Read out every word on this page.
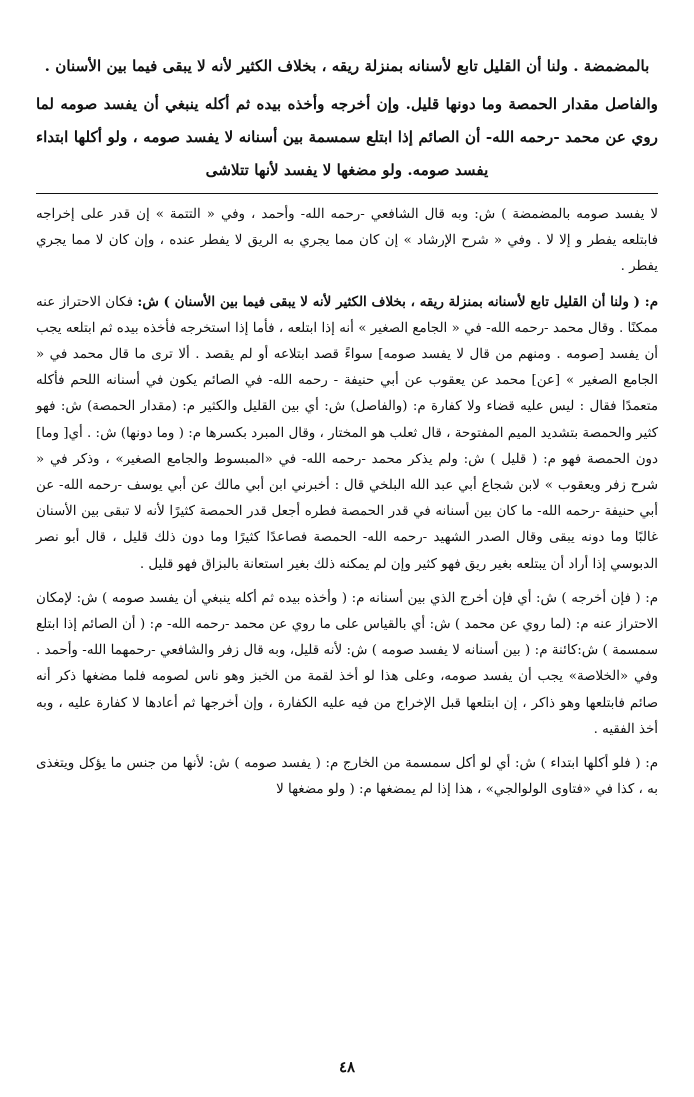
بالمضمضة . ولنا أن القليل تابع لأسنانه بمنزلة ريقه ، بخلاف الكثير لأنه لا يبقى فيما بين الأسنان .

والفاصل مقدار الحمصة وما دونها قليل. وإن أخرجه وأخذه بيده ثم أكله ينبغي أن يفسد صومه لما روي عن محمد -رحمه الله- أن الصائم إذا ابتلع سمسمة بين أسنانه لا يفسد صومه ، ولو أكلها ابتداء يفسد صومه. ولو مضغها لا يفسد لأنها تتلاشى

لا يفسد صومه بالمضمضة ) ش: وبه قال الشافعي -رحمه الله- وأحمد ، وفي « التتمة » إن قدر على إخراجه فابتلعه يفطر و إلا لا . وفي « شرح الإرشاد » إن كان مما يجري به الريق لا يفطر عنده ، وإن كان لا مما يجري يفطر .

م: ( ولنا أن القليل تابع لأسنانه بمنزلة ريقه ، بخلاف الكثير لأنه لا يبقى فيما بين الأسنان ) ش: فكان الاحتراز عنه ممكنًا . وقال محمد -رحمه الله- في « الجامع الصغير » أنه إذا ابتلعه ، فأما إذا استخرجه فأخذه بيده ثم ابتلعه يجب أن يفسد [صومه . ومنهم من قال لا يفسد صومه] سواءً قصد ابتلاعه أو لم يقصد . ألا ترى ما قال محمد في « الجامع الصغير » [عن] محمد عن يعقوب عن أبي حنيفة - رحمه الله- في الصائم يكون في أسنانه اللحم فأكله متعمدًا فقال : ليس عليه قضاء ولا كفارة م: (والفاصل) ش: أي بين القليل والكثير م: (مقدار الحمصة) ش: فهو كثير والحمصة بتشديد الميم المفتوحة ، قال ثعلب هو المختار ، وقال المبرد بكسرها م: ( وما دونها) ش: . أي[ وما] دون الحمصة فهو م: ( قليل ) ش: ولم يذكر محمد -رحمه الله- في «المبسوط والجامع الصغير» ، وذكر في « شرح زفر ويعقوب » لابن شجاع أبي عبد الله البلخي قال : أخبرني ابن أبي مالك عن أبي يوسف -رحمه الله- عن أبي حنيفة -رحمه الله- ما كان بين أسنانه في قدر الحمصة فطره أجعل قدر الحمصة كثيرًا لأنه لا تبقى بين الأسنان غالبًا وما دونه يبقى وقال الصدر الشهيد -رحمه الله- الحمصة فصاعدًا كثيرًا وما دون ذلك قليل ، قال أبو نصر الدبوسي إذا أراد أن يبتلعه بغير ريق فهو كثير وإن لم يمكنه ذلك بغير استعانة بالبزاق فهو قليل .

م: ( فإن أخرجه ) ش: أي فإن أخرج الذي بين أسنانه م: ( وأخذه بيده ثم أكله ينبغي أن يفسد صومه ) ش: لإمكان الاحتراز عنه م: (لما روي عن محمد ) ش: أي بالقياس على ما روي عن محمد -رحمه الله- م: ( أن الصائم إذا ابتلع سمسمة ) ش:كائنة م: ( بين أسنانه لا يفسد صومه ) ش: لأنه قليل، وبه قال زفر والشافعي -رحمهما الله- وأحمد . وفي «الخلاصة» يجب أن يفسد صومه، وعلى هذا لو أخذ لقمة من الخبز وهو ناس لصومه فلما مضغها ذكر أنه صائم فابتلعها وهو ذاكر ، إن ابتلعها قبل الإخراج من فيه عليه الكفارة ، وإن أخرجها ثم أعادها لا كفارة عليه ، وبه أخذ الفقيه .

م: ( فلو أكلها ابتداء ) ش: أي لو أكل سمسمة من الخارج م: ( يفسد صومه ) ش: لأنها من جنس ما يؤكل ويتغذى به ، كذا في «فتاوى الولوالجي» ، هذا إذا لم يمضغها م: ( ولو مضغها لا

٤٨
